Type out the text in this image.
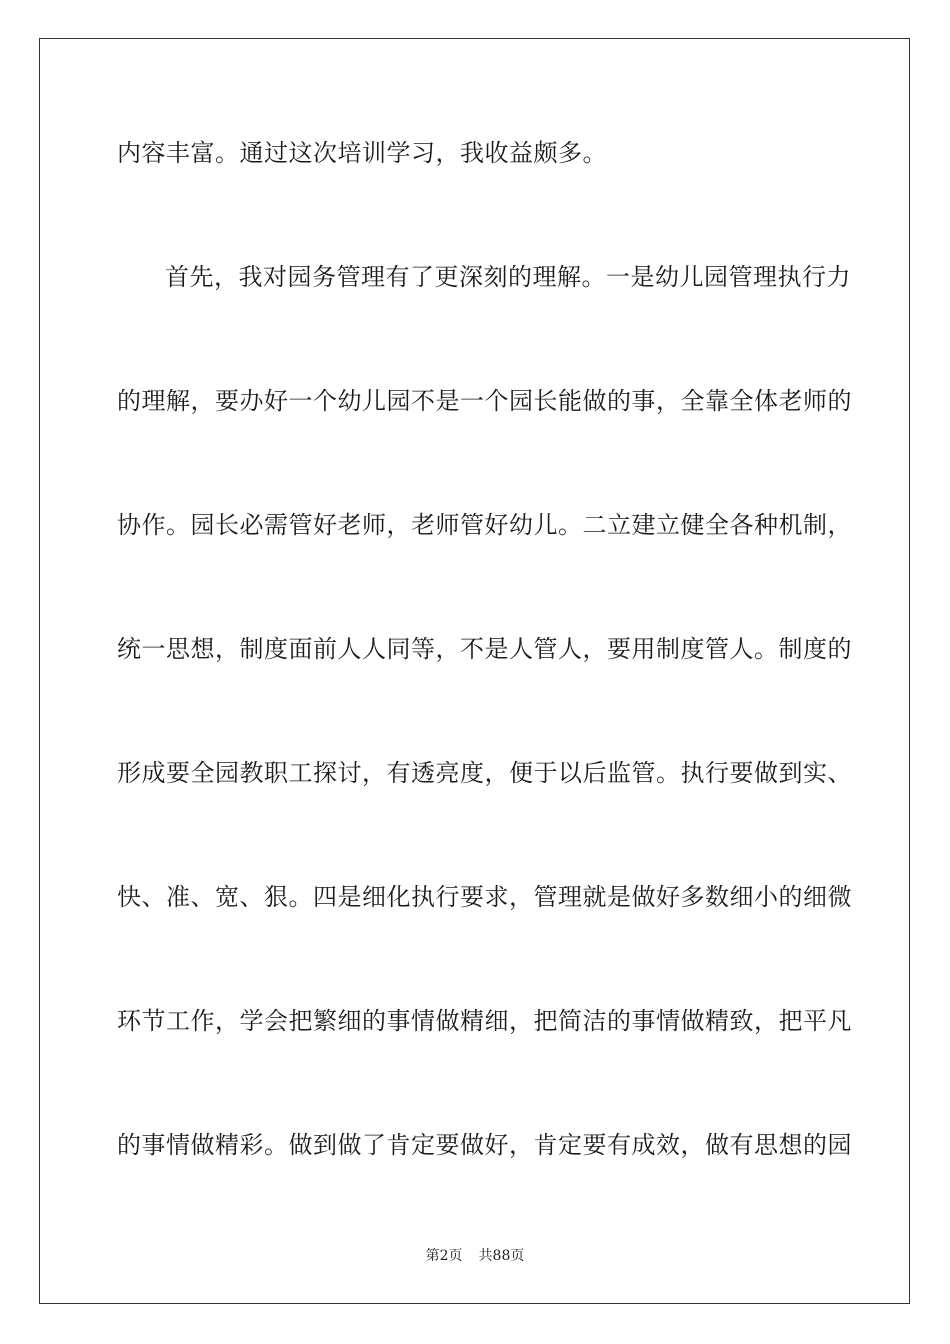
内容丰富。通过这次培训学习，我收益颇多。
首先，我对园务管理有了更深刻的理解。一是幼儿园管理执行力
的理解，要办好一个幼儿园不是一个园长能做的事，全靠全体老师的
协作。园长必需管好老师，老师管好幼儿。二立建立健全各种机制，
统一思想，制度面前人人同等，不是人管人，要用制度管人。制度的
形成要全园教职工探讨，有透亮度，便于以后监管。执行要做到实、
快、准、宽、狠。四是细化执行要求，管理就是做好多数细小的细微
环节工作，学会把繁细的事情做精细，把简洁的事情做精致，把平凡
的事情做精彩。做到做了肯定要做好，肯定要有成效，做有思想的园
第2页 共88页
